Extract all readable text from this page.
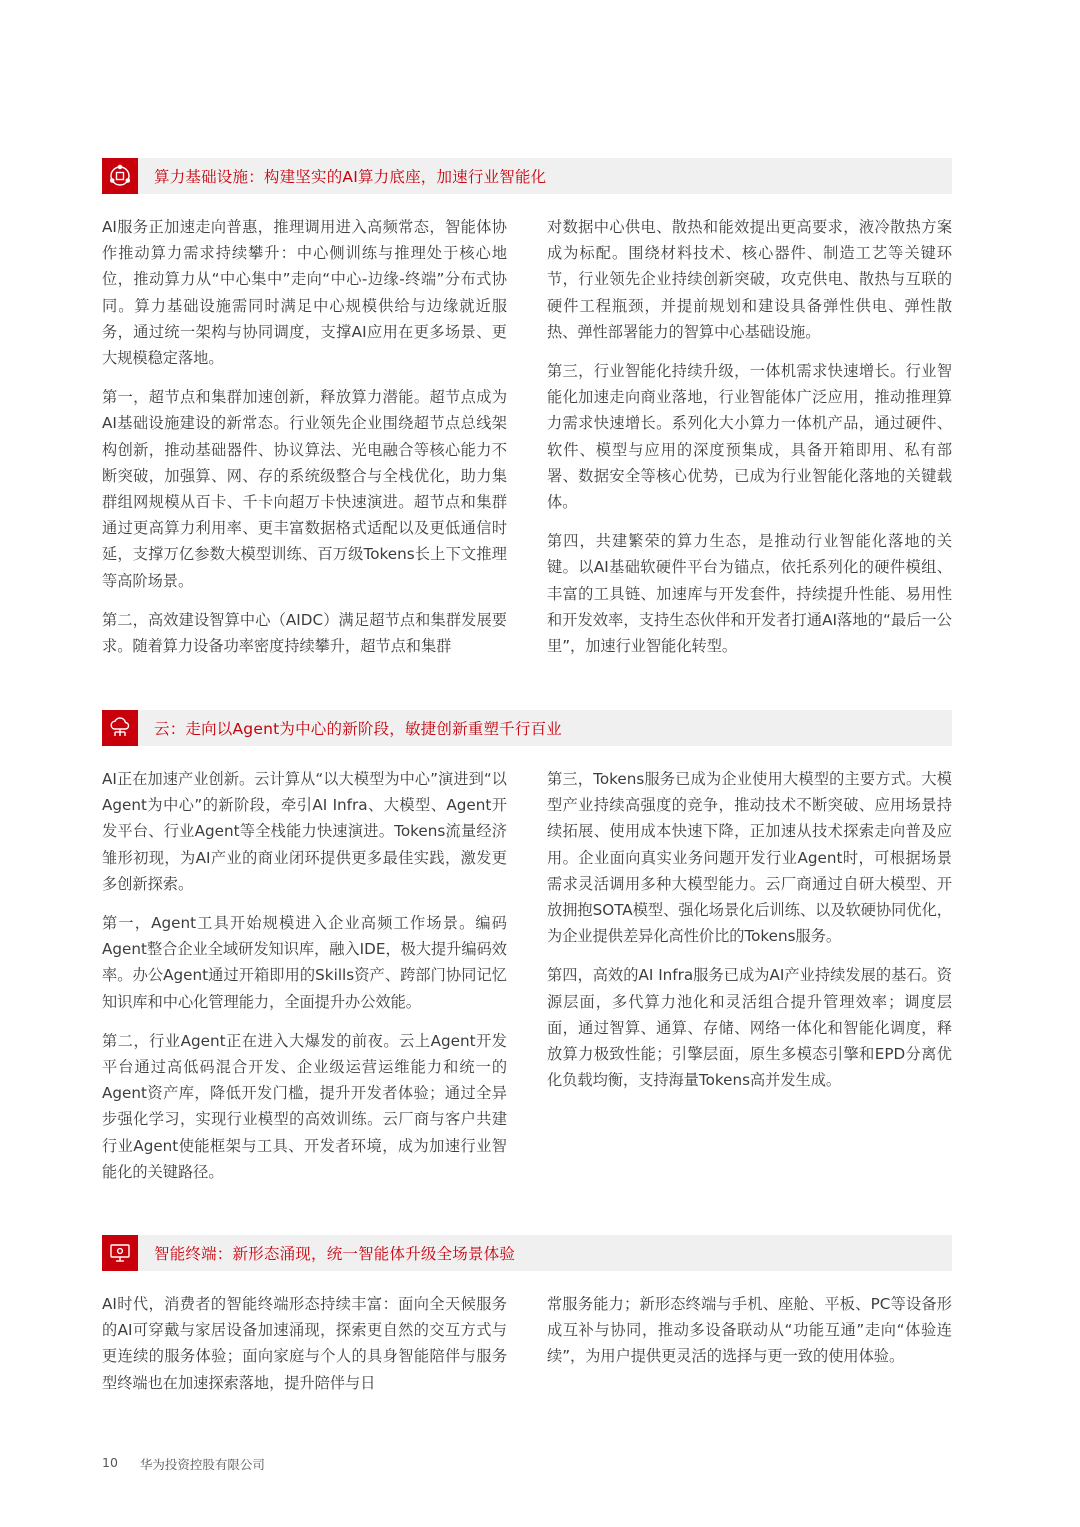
算力基础设施：构建坚实的AI算力底座，加速行业智能化

AI服务正加速走向普惠，推理调用进入高频常态，智能体协作推动算力需求持续攀升：中心侧训练与推理处于核心地位，推动算力从“中心集中”走向“中心-边缘-终端”分布式协同。算力基础设施需同时满足中心规模供给与边缘就近服务，通过统一架构与协同调度，支撑AI应用在更多场景、更大规模稳定落地。

第一，超节点和集群加速创新，释放算力潜能。超节点成为AI基础设施建设的新常态。行业领先企业围绕超节点总线架构创新，推动基础器件、协议算法、光电融合等核心能力不断突破，加强算、网、存的系统级整合与全栈优化，助力集群组网规模从百卡、千卡向超万卡快速演进。超节点和集群通过更高算力利用率、更丰富数据格式适配以及更低通信时延，支撑万亿参数大模型训练、百万级Tokens长上下文推理等高阶场景。

第二，高效建设智算中心（AIDC）满足超节点和集群发展要求。随着算力设备功率密度持续攀升，超节点和集群

对数据中心供电、散热和能效提出更高要求，液冷散热方案成为标配。围绕材料技术、核心器件、制造工艺等关键环节，行业领先企业持续创新突破，攻克供电、散热与互联的硬件工程瓶颈，并提前规划和建设具备弹性供电、弹性散热、弹性部署能力的智算中心基础设施。

第三，行业智能化持续升级，一体机需求快速增长。行业智能化加速走向商业落地，行业智能体广泛应用，推动推理算力需求快速增长。系列化大小算力一体机产品，通过硬件、软件、模型与应用的深度预集成，具备开箱即用、私有部署、数据安全等核心优势，已成为行业智能化落地的关键载体。

第四，共建繁荣的算力生态，是推动行业智能化落地的关键。以AI基础软硬件平台为锚点，依托系列化的硬件模组、丰富的工具链、加速库与开发套件，持续提升性能、易用性和开发效率，支持生态伙伴和开发者打通AI落地的“最后一公里”，加速行业智能化转型。

云：走向以Agent为中心的新阶段，敏捷创新重塑千行百业

AI正在加速产业创新。云计算从“以大模型为中心”演进到“以Agent为中心”的新阶段，牵引AI Infra、大模型、Agent开发平台、行业Agent等全栈能力快速演进。Tokens流量经济雏形初现，为AI产业的商业闭环提供更多最佳实践，激发更多创新探索。

第一，Agent工具开始规模进入企业高频工作场景。编码Agent整合企业全域研发知识库，融入IDE，极大提升编码效率。办公Agent通过开箱即用的Skills资产、跨部门协同记忆知识库和中心化管理能力，全面提升办公效能。

第二，行业Agent正在进入大爆发的前夜。云上Agent开发平台通过高低码混合开发、企业级运营运维能力和统一的Agent资产库，降低开发门槛，提升开发者体验；通过全异步强化学习，实现行业模型的高效训练。云厂商与客户共建行业Agent使能框架与工具、开发者环境，成为加速行业智能化的关键路径。

第三，Tokens服务已成为企业使用大模型的主要方式。大模型产业持续高强度的竞争，推动技术不断突破、应用场景持续拓展、使用成本快速下降，正加速从技术探索走向普及应用。企业面向真实业务问题开发行业Agent时，可根据场景需求灵活调用多种大模型能力。云厂商通过自研大模型、开放拥抱SOTA模型、强化场景化后训练、以及软硬协同优化，为企业提供差异化高性价比的Tokens服务。

第四，高效的AI Infra服务已成为AI产业持续发展的基石。资源层面，多代算力池化和灵活组合提升管理效率；调度层面，通过智算、通算、存储、网络一体化和智能化调度，释放算力极致性能；引擎层面，原生多模态引擎和EPD分离优化负载均衡，支持海量Tokens高并发生成。

智能终端：新形态涌现，统一智能体升级全场景体验

AI时代，消费者的智能终端形态持续丰富：面向全天候服务的AI可穿戴与家居设备加速涌现，探索更自然的交互方式与更连续的服务体验；面向家庭与个人的具身智能陪伴与服务型终端也在加速探索落地，提升陪伴与日

常服务能力；新形态终端与手机、座舱、平板、PC等设备形成互补与协同，推动多设备联动从“功能互通”走向“体验连续”，为用户提供更灵活的选择与更一致的使用体验。

10 华为投资控股有限公司
